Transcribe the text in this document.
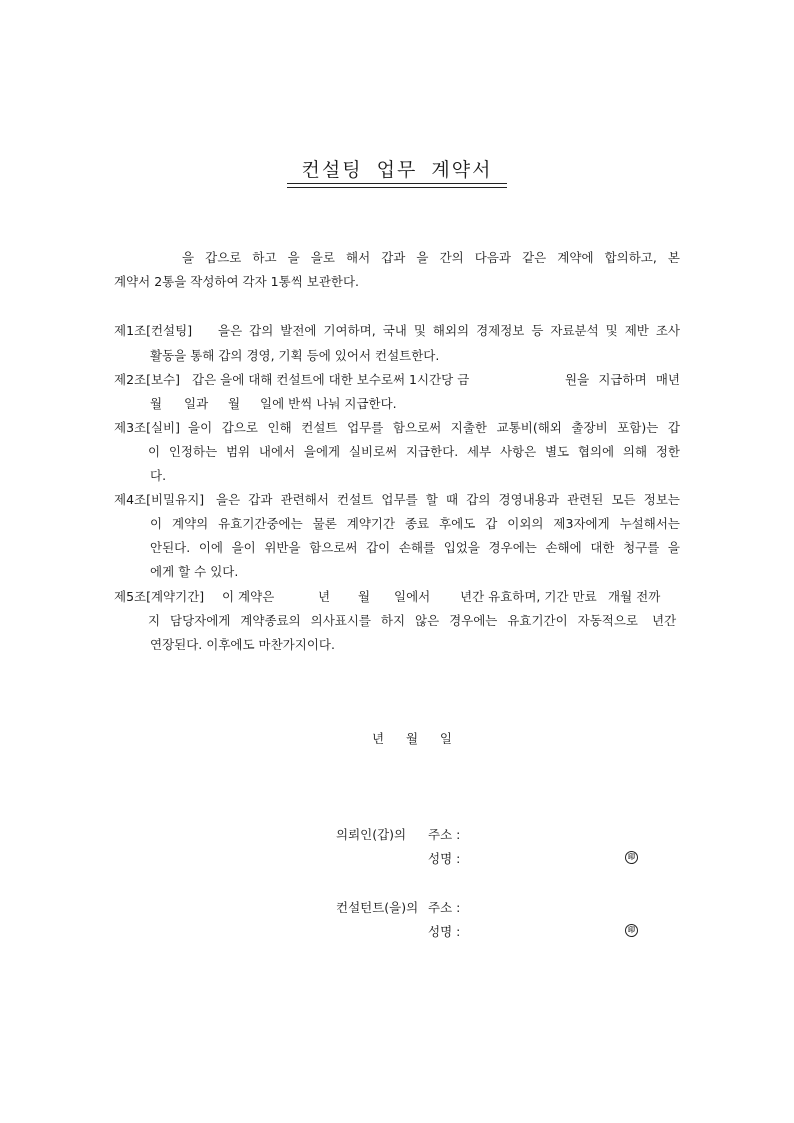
컨설팅 업무 계약서
을 갑으로 하고 을 을로 해서 갑과 을 간의 다음과 같은 계약에 합의하고, 본
계약서 2통을 작성하여 각자 1통씩 보관한다.
제1조[컨설팅] 을은 갑의 발전에 기여하며, 국내 및 해외의 경제정보 등 자료분석 및 제반 조사
활동을 통해 갑의 경영, 기획 등에 있어서 컨설트한다.
제2조[보수] 갑은 을에 대해 컨설트에 대한 보수로써 1시간당 금	원을 지급하며 매년
월 일과 월 일에 반씩 나눠 지급한다.
제3조[실비] 을이 갑으로 인해 컨설트 업무를 함으로써 지출한 교통비(해외 출장비 포함)는 갑
이 인정하는 범위 내에서 을에게 실비로써 지급한다. 세부 사항은 별도 협의에 의해 정한
다.
제4조[비밀유지] 을은 갑과 관련해서 컨설트 업무를 할 때 갑의 경영내용과 관련된 모든 정보는
이 계약의 유효기간중에는 물론 계약기간 종료 후에도 갑 이외의 제3자에게 누설해서는
안된다. 이에 을이 위반을 함으로써 갑이 손해를 입었을 경우에는 손해에 대한 청구를 을
에게 할 수 있다.
제5조[계약기간] 이 계약은	년 월 일에서 년간 유효하며, 기간 만료 개월 전까
지 담당자에게 계약종료의 의사표시를 하지 않은 경우에는 유효기간이 자동적으로 년간
연장된다. 이후에도 마찬가지이다.
년 월 일
의뢰인(갑)의 주소 :
성명 :	印
컨설턴트(을)의 주소 :
성명 :	印
